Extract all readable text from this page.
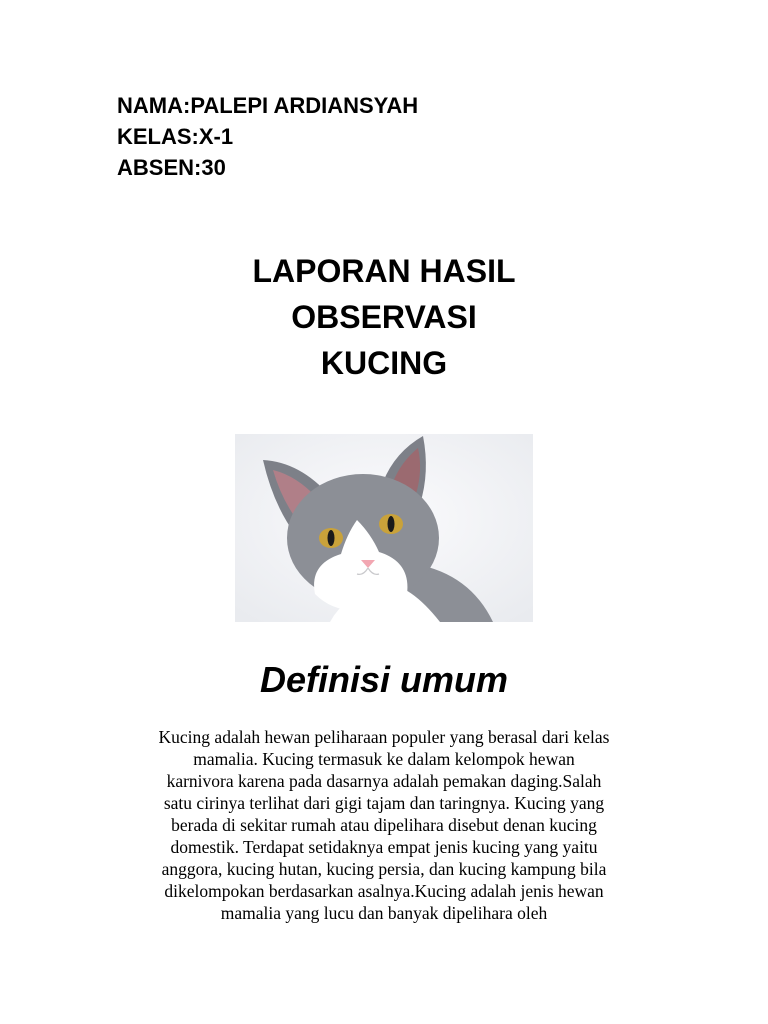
NAMA:PALEPI ARDIANSYAH
KELAS:X-1
ABSEN:30
LAPORAN HASIL
OBSERVASI
KUCING
Definisi umum
Kucing adalah hewan peliharaan populer yang berasal dari kelas
mamalia. Kucing termasuk ke dalam kelompok hewan
karnivora karena pada dasarnya adalah pemakan daging.Salah
satu cirinya terlihat dari gigi tajam dan taringnya. Kucing yang
berada di sekitar rumah atau dipelihara disebut denan kucing
domestik. Terdapat setidaknya empat jenis kucing yang yaitu
anggora, kucing hutan, kucing persia, dan kucing kampung bila
dikelompokan berdasarkan asalnya.Kucing adalah jenis hewan
mamalia yang lucu dan banyak dipelihara oleh
